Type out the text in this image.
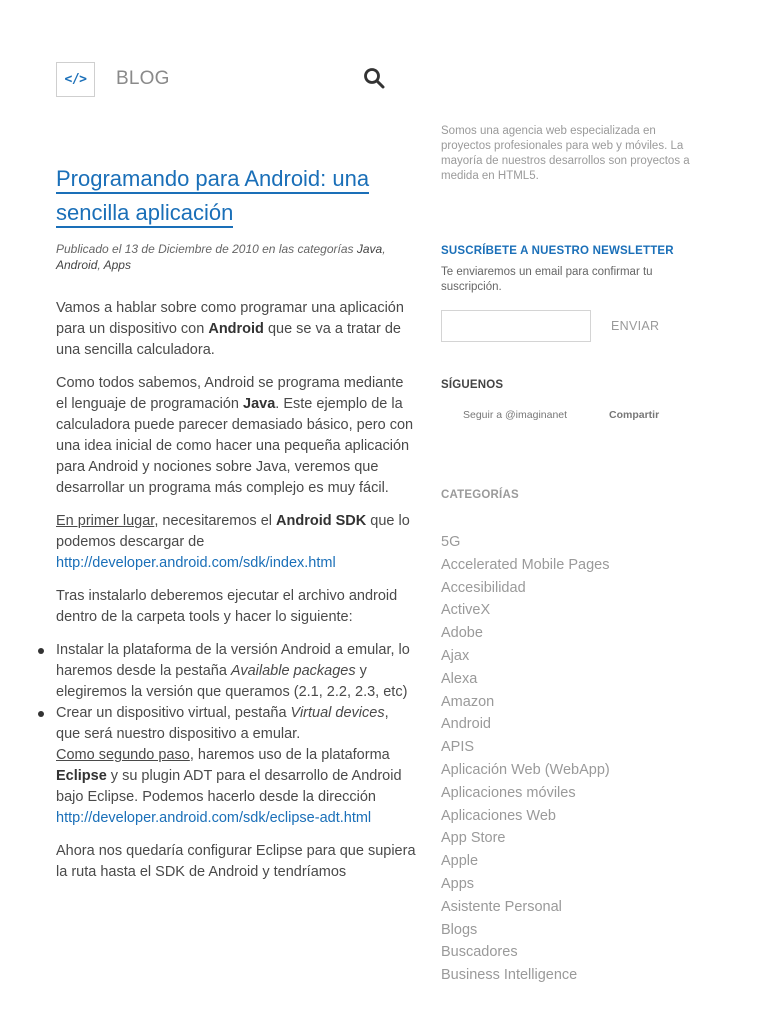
</> BLOG
Programando para Android: una sencilla aplicación
Publicado el 13 de Diciembre de 2010 en las categorías Java, Android, Apps

Vamos a hablar sobre como programar una aplicación para un dispositivo con Android que se va a tratar de una sencilla calculadora.

Como todos sabemos, Android se programa mediante el lenguaje de programación Java. Este ejemplo de la calculadora puede parecer demasiado básico, pero con una idea inicial de como hacer una pequeña aplicación para Android y nociones sobre Java, veremos que desarrollar un programa más complejo es muy fácil.

En primer lugar, necesitaremos el Android SDK que lo podemos descargar de
http://developer.android.com/sdk/index.html

Tras instalarlo deberemos ejecutar el archivo android dentro de la carpeta tools y hacer lo siguiente:

Instalar la plataforma de la versión Android a emular, lo haremos desde la pestaña Available packages y elegiremos la versión que queramos (2.1, 2.2, 2.3, etc)
Crear un dispositivo virtual, pestaña Virtual devices, que será nuestro dispositivo a emular.
Como segundo paso, haremos uso de la plataforma Eclipse y su plugin ADT para el desarrollo de Android bajo Eclipse. Podemos hacerlo desde la dirección
http://developer.android.com/sdk/eclipse-adt.html

Ahora nos quedaría configurar Eclipse para que supiera la ruta hasta el SDK de Android y tendríamos

Somos una agencia web especializada en proyectos profesionales para web y móviles. La mayoría de nuestros desarrollos son proyectos a medida en HTML5.
SUSCRÍBETE A NUESTRO NEWSLETTER
Te enviaremos un email para confirmar tu suscripción.
ENVIAR
SÍGUENOS
Seguir a @imaginanet	Compartir
CATEGORÍAS
5G
Accelerated Mobile Pages
Accesibilidad
ActiveX
Adobe
Ajax
Alexa
Amazon
Android
APIS
Aplicación Web (WebApp)
Aplicaciones móviles
Aplicaciones Web
App Store
Apple
Apps
Asistente Personal
Blogs
Buscadores
Business Intelligence
